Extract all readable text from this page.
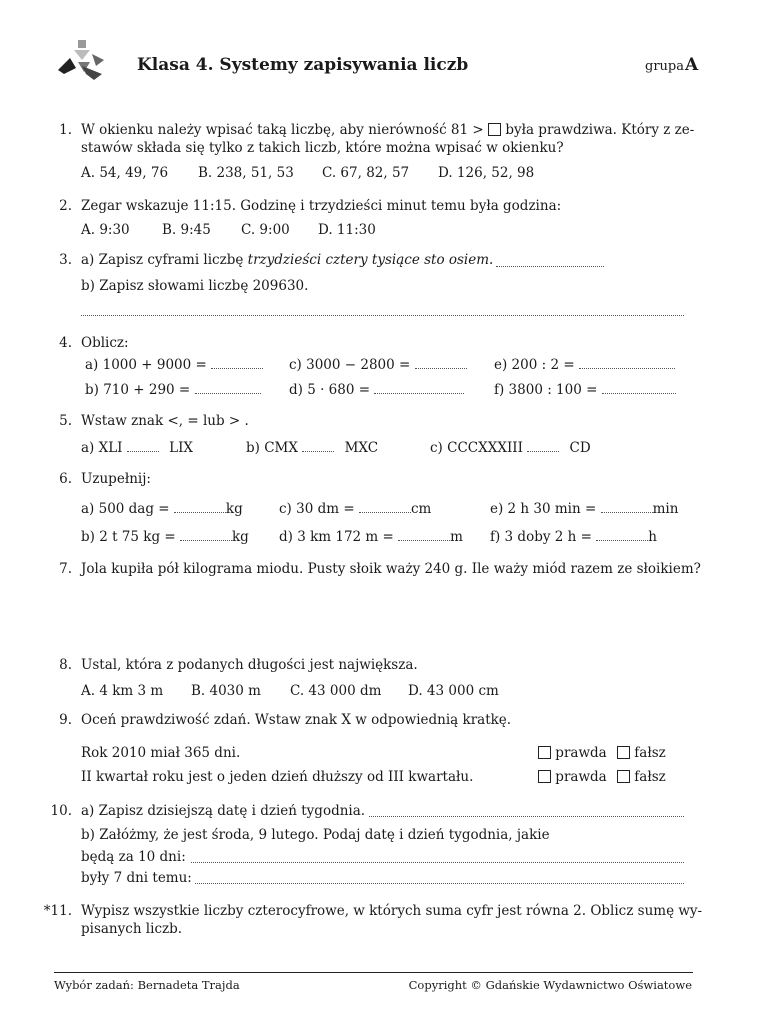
Klasa 4. Systemy zapisywania liczb	grupa A
1. W okienku należy wpisać taką liczbę, aby nierówność 81 > była prawdziwa. Który z ze-
stawów składa się tylko z takich liczb, które można wpisać w okienku?
A. 54, 49, 76 B. 238, 51, 53 C. 67, 82, 57 D. 126, 52, 98
2. Zegar wskazuje 11:15. Godzinę i trzydzieści minut temu była godzina:
A. 9:30 B. 9:45 C. 9:00 D. 11:30
3. a) Zapisz cyframi liczbę trzydzieści cztery tysiące sto osiem.
b) Zapisz słowami liczbę 209630.
4. Oblicz:
a) 1000 + 9000 =	c) 3000 − 2800 =	e) 200 : 2 =
b) 710 + 290 =	d) 5 · 680 =	f) 3800 : 100 =
5. Wstaw znak <, = lub > .
a) XLI	LIX	b) CMX	MXC	c) CCCXXXIII	CD
6. Uzupełnij:
a) 500 dag =	kg	c) 30 dm =	cm	e) 2 h 30 min =	min
b) 2 t 75 kg =	kg d) 3 km 172 m =	m f) 3 doby 2 h =	h
7. Jola kupiła pół kilograma miodu. Pusty słoik waży 240 g. Ile waży miód razem ze słoikiem?
8. Ustal, która z podanych długości jest największa.
A. 4 km 3 m B. 4030 m C. 43 000 dm D. 43 000 cm
9. Oceń prawdziwość zdań. Wstaw znak X w odpowiednią kratkę.
Rok 2010 miał 365 dni.	prawda fałsz
II kwartał roku jest o jeden dzień dłuższy od III kwartału.	prawda fałsz
10. a) Zapisz dzisiejszą datę i dzień tygodnia.
b) Załóżmy, że jest środa, 9 lutego. Podaj datę i dzień tygodnia, jakie
będą za 10 dni:
były 7 dni temu:
*11. Wypisz wszystkie liczby czterocyfrowe, w których suma cyfr jest równa 2. Oblicz sumę wy-
pisanych liczb.
Wybór zadań: Bernadeta Trajda	Copyright © Gdańskie Wydawnictwo Oświatowe
